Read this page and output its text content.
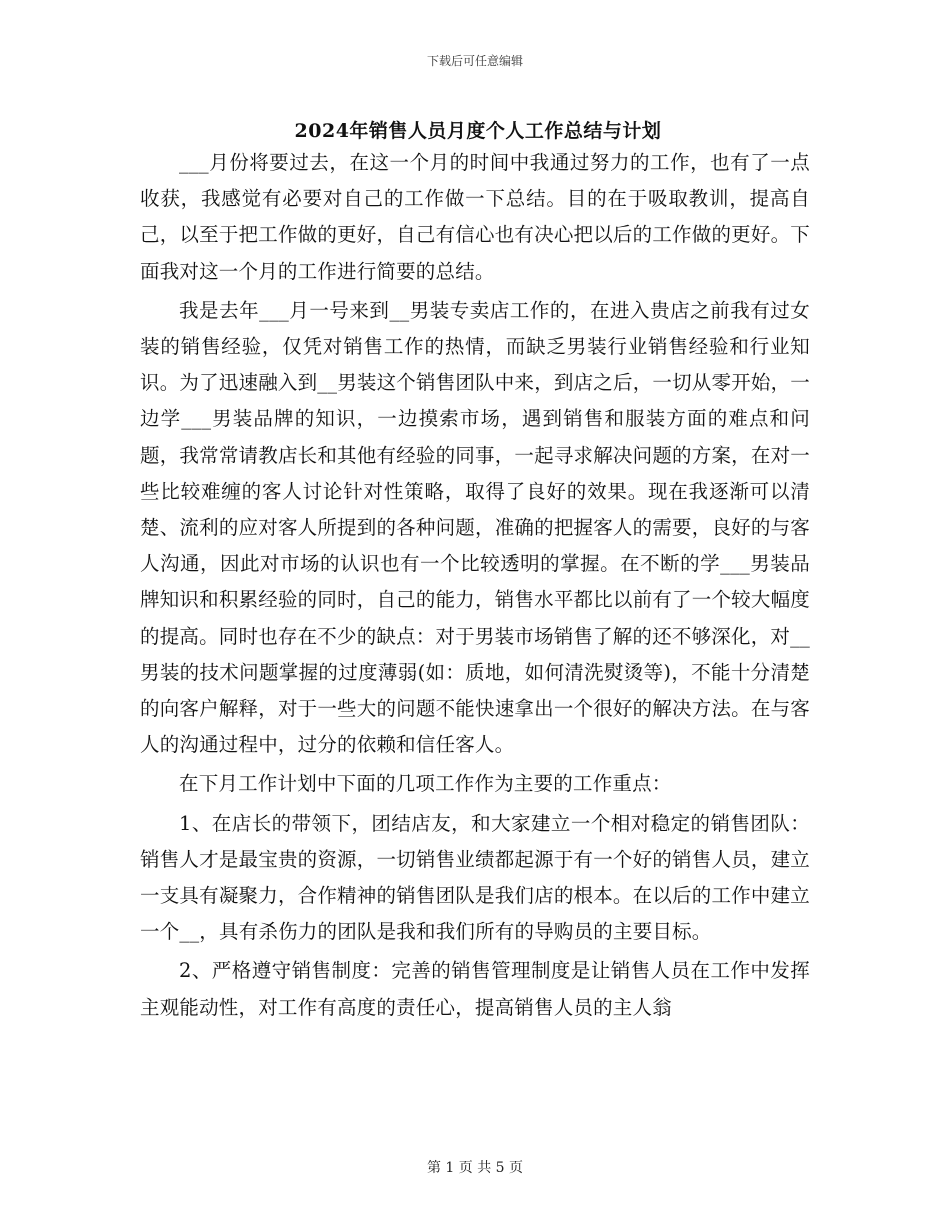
下载后可任意编辑
2024年销售人员月度个人工作总结与计划

___月份将要过去，在这一个月的时间中我通过努力的工作，也有了一点收获，我感觉有必要对自己的工作做一下总结。目的在于吸取教训，提高自己，以至于把工作做的更好，自己有信心也有决心把以后的工作做的更好。下面我对这一个月的工作进行简要的总结。

我是去年___月一号来到__男装专卖店工作的，在进入贵店之前我有过女装的销售经验，仅凭对销售工作的热情，而缺乏男装行业销售经验和行业知识。为了迅速融入到__男装这个销售团队中来，到店之后，一切从零开始，一边学___男装品牌的知识，一边摸索市场，遇到销售和服装方面的难点和问题，我常常请教店长和其他有经验的同事，一起寻求解决问题的方案，在对一些比较难缠的客人讨论针对性策略，取得了良好的效果。现在我逐渐可以清楚、流利的应对客人所提到的各种问题，准确的把握客人的需要，良好的与客人沟通，因此对市场的认识也有一个比较透明的掌握。在不断的学___男装品牌知识和积累经验的同时，自己的能力，销售水平都比以前有了一个较大幅度的提高。同时也存在不少的缺点：对于男装市场销售了解的还不够深化，对__男装的技术问题掌握的过度薄弱(如：质地，如何清洗熨烫等)，不能十分清楚的向客户解释，对于一些大的问题不能快速拿出一个很好的解决方法。在与客人的沟通过程中，过分的依赖和信任客人。

在下月工作计划中下面的几项工作作为主要的工作重点：

1、在店长的带领下，团结店友，和大家建立一个相对稳定的销售团队：销售人才是最宝贵的资源，一切销售业绩都起源于有一个好的销售人员，建立一支具有凝聚力，合作精神的销售团队是我们店的根本。在以后的工作中建立一个__，具有杀伤力的团队是我和我们所有的导购员的主要目标。

2、严格遵守销售制度：完善的销售管理制度是让销售人员在工作中发挥主观能动性，对工作有高度的责任心，提高销售人员的主人翁

第 1 页 共 5 页
